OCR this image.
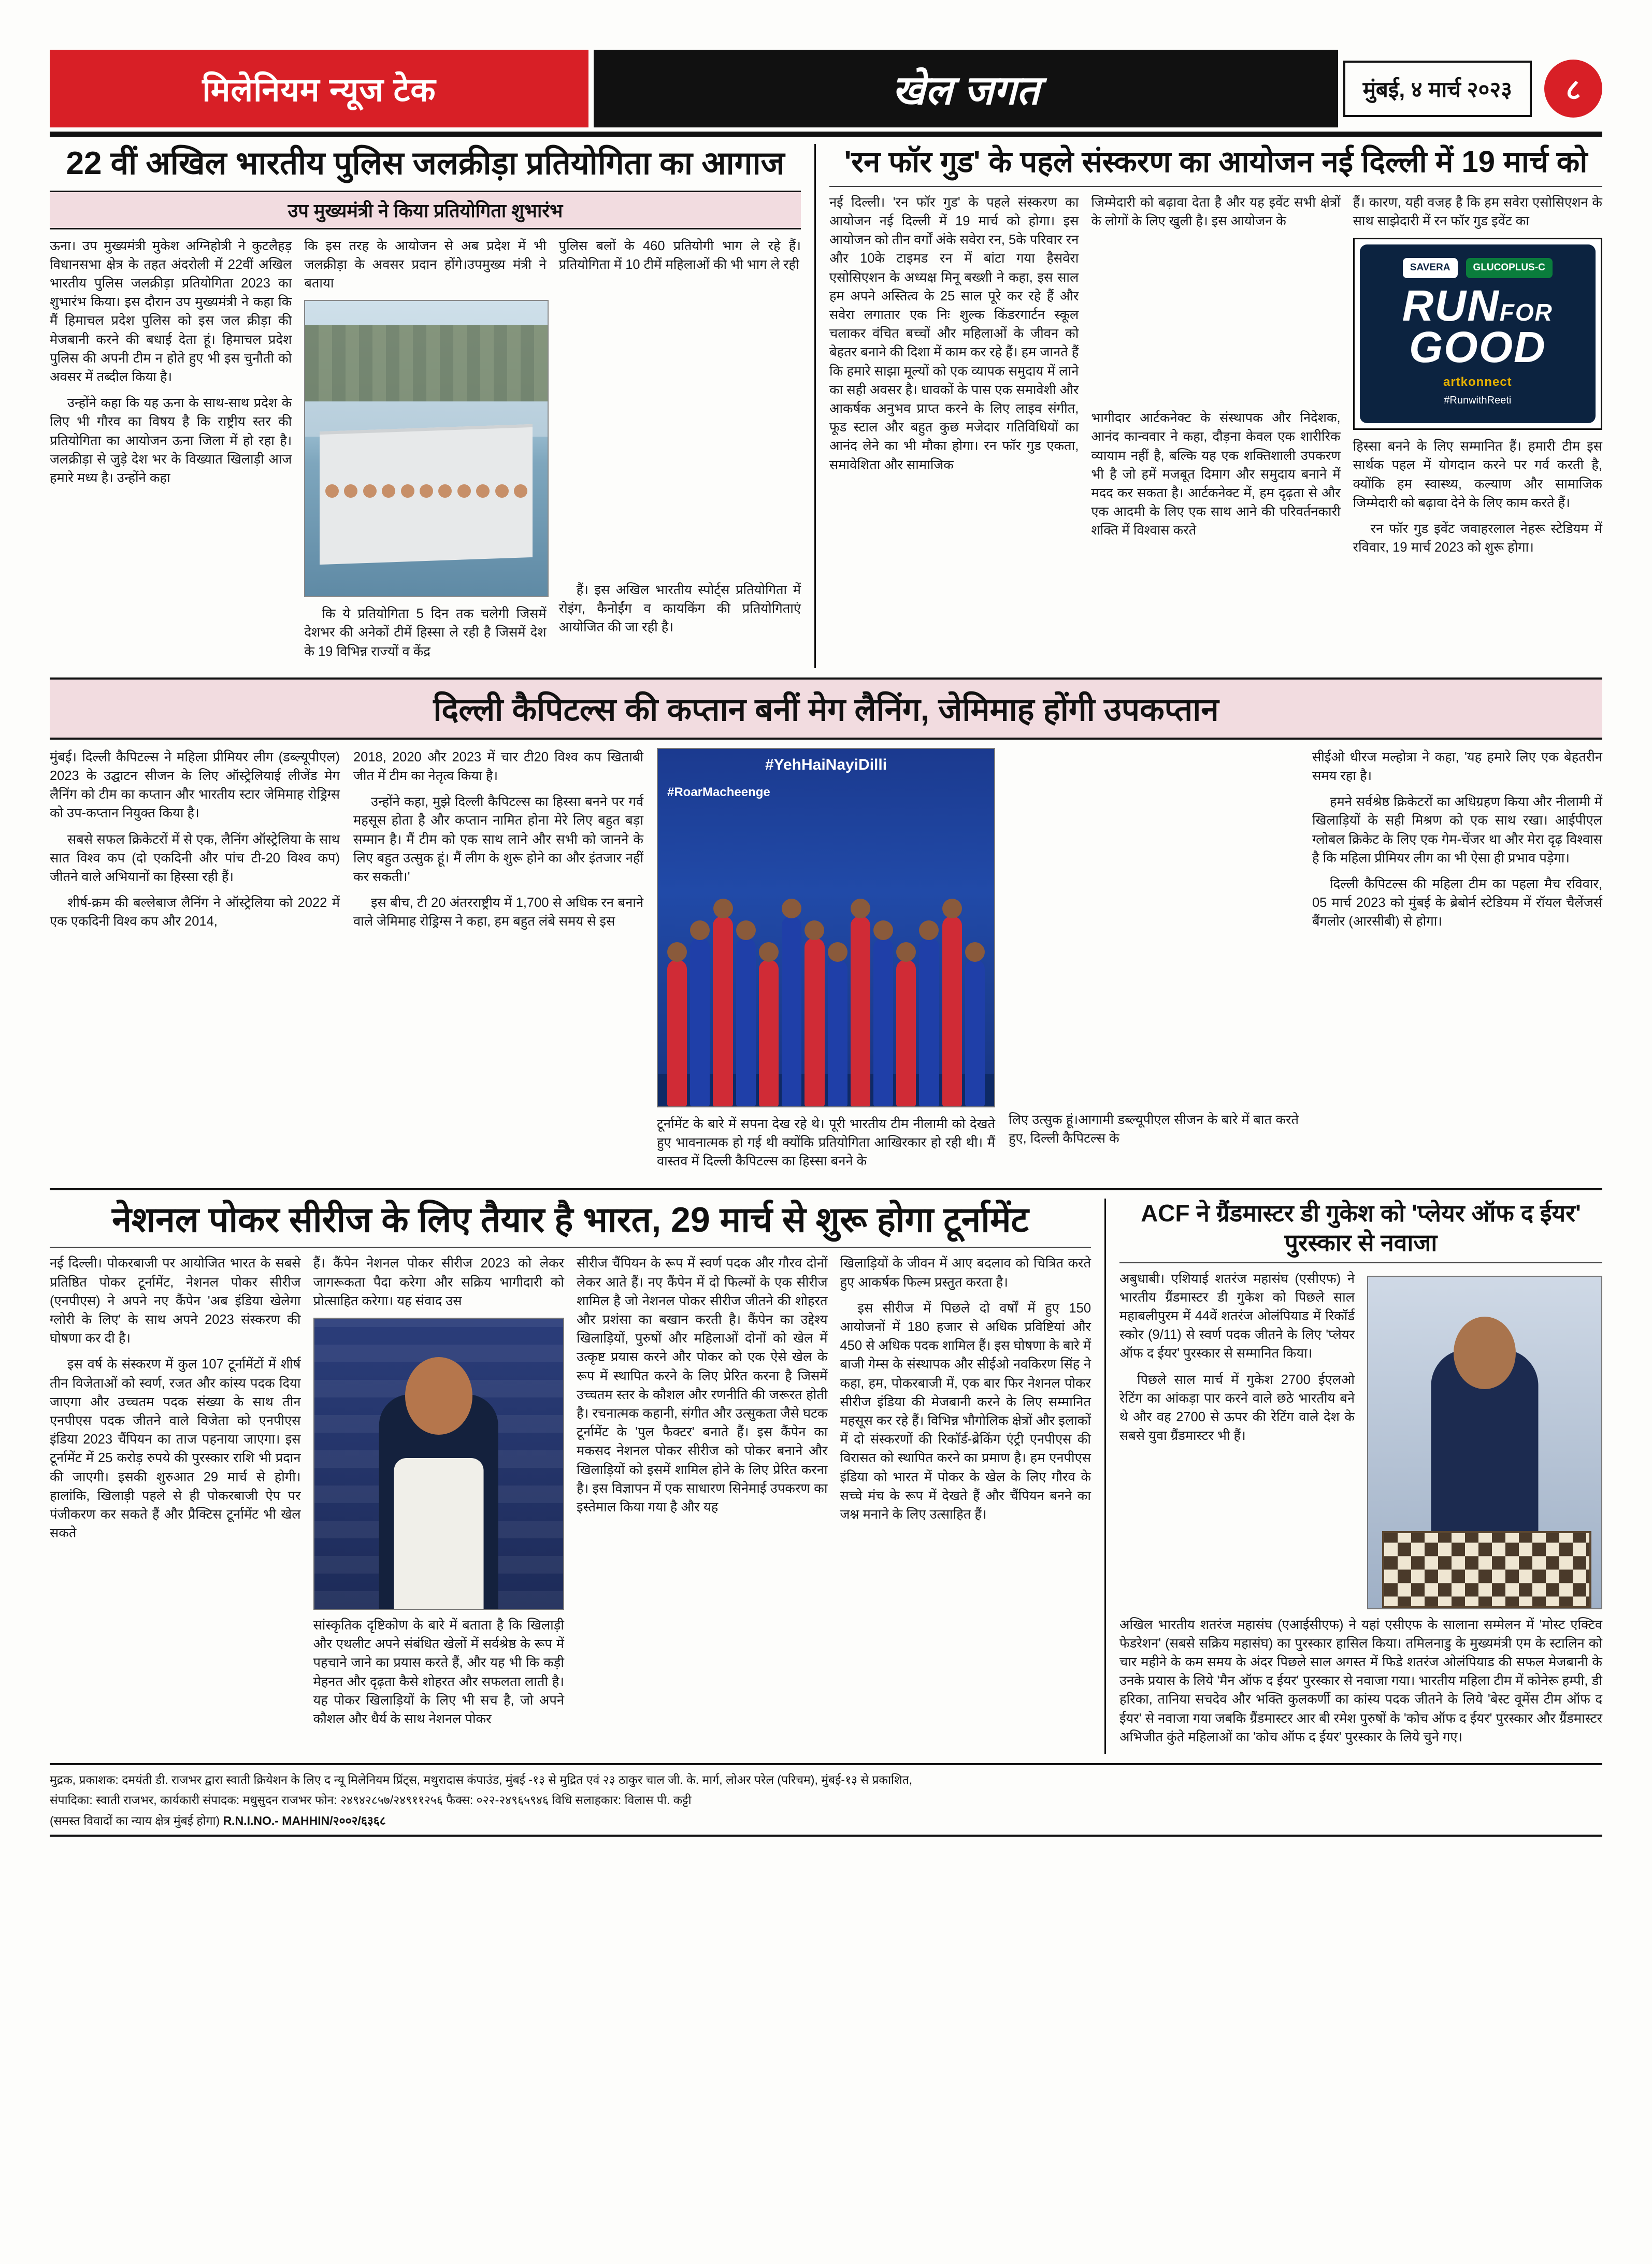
मिलेनियम न्यूज टेक	खेल जगत	मुंबई, ४ मार्च २०२३	८
22 वीं अखिल भारतीय पुलिस जलक्रीड़ा प्रतियोगिता का आगाज
उप मुख्यमंत्री ने किया प्रतियोगिता शुभारंभ

ऊना। उप मुख्यमंत्री मुकेश अग्निहोत्री ने कुटलैहड़ विधानसभा क्षेत्र के तहत अंदरोली में 22वीं अखिल भारतीय पुलिस जलक्रीड़ा प्रतियोगिता 2023 का शुभारंभ किया। इस दौरान उप मुख्यमंत्री ने कहा कि मैं हिमाचल प्रदेश पुलिस को इस जल क्रीड़ा की मेजबानी करने की बधाई देता हूं। हिमाचल प्रदेश पुलिस की अपनी टीम न होते हुए भी इस चुनौती को अवसर में तब्दील किया है।

उन्होंने कहा कि यह ऊना के साथ-साथ प्रदेश के लिए भी गौरव का विषय है कि राष्ट्रीय स्तर की प्रतियोगिता का आयोजन ऊना जिला में हो रहा है। जलक्रीड़ा से जुड़े देश भर के विख्यात खिलाड़ी आज हमारे मध्य है। उन्होंने कहा

कि इस तरह के आयोजन से अब प्रदेश में भी जलक्रीड़ा के अवसर प्रदान होंगे।उपमुख्य मंत्री ने बताया

कि ये प्रतियोगिता 5 दिन तक चलेगी जिसमें देशभर की अनेकों टीमें हिस्सा ले रही है जिसमें देश के 19 विभिन्न राज्यों व केंद्र

पुलिस बलों के 460 प्रतियोगी भाग ले रहे हैं। प्रतियोगिता में 10 टीमें महिलाओं की भी भाग ले रही

हैं। इस अखिल भारतीय स्पोर्ट्स प्रतियोगिता में रोइंग, कैनोईंग व कायकिंग की प्रतियोगिताएं आयोजित की जा रही है।

'रन फॉर गुड' के पहले संस्करण का आयोजन नई दिल्ली में 19 मार्च को

नई दिल्ली। 'रन फॉर गुड' के पहले संस्करण का आयोजन नई दिल्ली में 19 मार्च को होगा। इस आयोजन को तीन वर्गों अंके सवेरा रन, 5के परिवार रन और 10के टाइमड रन में बांटा गया हैसवेरा एसोसिएशन के अध्यक्ष मिनू बख्शी ने कहा, इस साल हम अपने अस्तित्व के 25 साल पूरे कर रहे हैं और सवेरा लगातार एक निः शुल्क किंडरगार्टन स्कूल चलाकर वंचित बच्चों और महिलाओं के जीवन को बेहतर बनाने की दिशा में काम कर रहे हैं। हम जानते हैं कि हमारे साझा मूल्यों को एक व्यापक समुदाय में लाने का सही अवसर है। धावकों के पास एक समावेशी और आकर्षक अनुभव प्राप्त करने के लिए लाइव संगीत, फूड स्टाल और बहुत कुछ मजेदार गतिविधियों का आनंद लेने का भी मौका होगा। रन फॉर गुड एकता, समावेशिता और सामाजिक

जिम्मेदारी को बढ़ावा देता है और यह इवेंट सभी क्षेत्रों के लोगों के लिए खुली है। इस आयोजन के

भागीदार आर्टकनेक्ट के संस्थापक और निदेशक, आनंद कान्ववार ने कहा, दौड़ना केवल एक शारीरिक व्यायाम नहीं है, बल्कि यह एक शक्तिशाली उपकरण भी है जो हमें मजबूत दिमाग और समुदाय बनाने में मदद कर सकता है। आर्टकनेक्ट में, हम दृढ़ता से और एक आदमी के लिए एक साथ आने की परिवर्तनकारी शक्ति में विश्वास करते

हैं। कारण, यही वजह है कि हम सवेरा एसोसिएशन के साथ साझेदारी में रन फॉर गुड इवेंट का

SAVERA	GLUCOPLUS-C
RUNFOR
GOOD
artkonnect
#RunwithReeti

हिस्सा बनने के लिए सम्मानित हैं। हमारी टीम इस सार्थक पहल में योगदान करने पर गर्व करती है, क्योंकि हम स्वास्थ्य, कल्याण और सामाजिक जिम्मेदारी को बढ़ावा देने के लिए काम करते हैं।

रन फॉर गुड इवेंट जवाहरलाल नेहरू स्टेडियम में रविवार, 19 मार्च 2023 को शुरू होगा।

दिल्ली कैपिटल्स की कप्तान बनीं मेग लैनिंग, जेमिमाह होंगी उपकप्तान

मुंबई। दिल्ली कैपिटल्स ने महिला प्रीमियर लीग (डब्ल्यूपीएल) 2023 के उद्घाटन सीजन के लिए ऑस्ट्रेलियाई लीजेंड मेग लैनिंग को टीम का कप्तान और भारतीय स्टार जेमिमाह रोड्रिग्स को उप-कप्तान नियुक्त किया है।

सबसे सफल क्रिकेटरों में से एक, लैनिंग ऑस्ट्रेलिया के साथ सात विश्व कप (दो एकदिनी और पांच टी-20 विश्व कप) जीतने वाले अभियानों का हिस्सा रही हैं।

शीर्ष-क्रम की बल्लेबाज लैनिंग ने ऑस्ट्रेलिया को 2022 में एक एकदिनी विश्व कप और 2014,

2018, 2020 और 2023 में चार टी20 विश्व कप खिताबी जीत में टीम का नेतृत्व किया है।

उन्होंने कहा, मुझे दिल्ली कैपिटल्स का हिस्सा बनने पर गर्व महसूस होता है और कप्तान नामित होना मेरे लिए बहुत बड़ा सम्मान है। मैं टीम को एक साथ लाने और सभी को जानने के लिए बहुत उत्सुक हूं। मैं लीग के शुरू होने का और इंतजार नहीं कर सकती।'

इस बीच, टी 20 अंतरराष्ट्रीय में 1,700 से अधिक रन बनाने वाले जेमिमाह रोड्रिग्स ने कहा, हम बहुत लंबे समय से इस

#YehHaiNayiDilli
#RoarMacheenge

टूर्नामेंट के बारे में सपना देख रहे थे। पूरी भारतीय टीम नीलामी को देखते हुए भावनात्मक हो गई थी क्योंकि प्रतियोगिता आखिरकार हो रही थी। मैं वास्तव में दिल्ली कैपिटल्स का हिस्सा बनने के

लिए उत्सुक हूं।आगामी डब्ल्यूपीएल सीजन के बारे में बात करते हुए, दिल्ली कैपिटल्स के

सीईओ धीरज मल्होत्रा ने कहा, 'यह हमारे लिए एक बेहतरीन समय रहा है।

हमने सर्वश्रेष्ठ क्रिकेटरों का अधिग्रहण किया और नीलामी में खिलाड़ियों के सही मिश्रण को एक साथ रखा। आईपीएल ग्लोबल क्रिकेट के लिए एक गेम-चेंजर था और मेरा दृढ़ विश्वास है कि महिला प्रीमियर लीग का भी ऐसा ही प्रभाव पड़ेगा।

दिल्ली कैपिटल्स की महिला टीम का पहला मैच रविवार, 05 मार्च 2023 को मुंबई के ब्रेबोर्न स्टेडियम में रॉयल चैलेंजर्स बैंगलोर (आरसीबी) से होगा।

नेशनल पोकर सीरीज के लिए तैयार है भारत, 29 मार्च से शुरू होगा टूर्नामेंट

नई दिल्ली। पोकरबाजी पर आयोजित भारत के सबसे प्रतिष्ठित पोकर टूर्नामेंट, नेशनल पोकर सीरीज (एनपीएस) ने अपने नए कैंपेन 'अब इंडिया खेलेगा ग्लोरी के लिए' के साथ अपने 2023 संस्करण की घोषणा कर दी है।

इस वर्ष के संस्करण में कुल 107 टूर्नामेंटों में शीर्ष तीन विजेताओं को स्वर्ण, रजत और कांस्य पदक दिया जाएगा और उच्चतम पदक संख्या के साथ तीन एनपीएस पदक जीतने वाले विजेता को एनपीएस इंडिया 2023 चैंपियन का ताज पहनाया जाएगा। इस टूर्नामेंट में 25 करोड़ रुपये की पुरस्कार राशि भी प्रदान की जाएगी। इसकी शुरुआत 29 मार्च से होगी। हालांकि, खिलाड़ी पहले से ही पोकरबाजी ऐप पर पंजीकरण कर सकते हैं और प्रैक्टिस टूर्नामेंट भी खेल सकते

हैं। कैंपेन नेशनल पोकर सीरीज 2023 को लेकर जागरूकता पैदा करेगा और सक्रिय भागीदारी को प्रोत्साहित करेगा। यह संवाद उस

सांस्कृतिक दृष्टिकोण के बारे में बताता है कि खिलाड़ी और एथलीट अपने संबंधित खेलों में सर्वश्रेष्ठ के रूप में पहचाने जाने का प्रयास करते हैं, और यह भी कि कड़ी मेहनत और दृढ़ता कैसे शोहरत और सफलता लाती है। यह पोकर खिलाड़ियों के लिए भी सच है, जो अपने कौशल और धैर्य के साथ नेशनल पोकर

सीरीज चैंपियन के रूप में स्वर्ण पदक और गौरव दोनों लेकर आते हैं। नए कैंपेन में दो फिल्मों के एक सीरीज शामिल है जो नेशनल पोकर सीरीज जीतने की शोहरत और प्रशंसा का बखान करती है। कैंपेन का उद्देश्य खिलाड़ियों, पुरुषों और महिलाओं दोनों को खेल में उत्कृष्ट प्रयास करने और पोकर को एक ऐसे खेल के रूप में स्थापित करने के लिए प्रेरित करना है जिसमें उच्चतम स्तर के कौशल और रणनीति की जरूरत होती है। रचनात्मक कहानी, संगीत और उत्सुकता जैसे घटक टूर्नामेंट के 'पुल फैक्टर' बनाते हैं। इस कैंपेन का मकसद नेशनल पोकर सीरीज को पोकर बनाने और खिलाड़ियों को इसमें शामिल होने के लिए प्रेरित करना है। इस विज्ञापन में एक साधारण सिनेमाई उपकरण का इस्तेमाल किया गया है और यह

खिलाड़ियों के जीवन में आए बदलाव को चित्रित करते हुए आकर्षक फिल्म प्रस्तुत करता है।

इस सीरीज में पिछले दो वर्षों में हुए 150 आयोजनों में 180 हजार से अधिक प्रविष्टियां और 450 से अधिक पदक शामिल हैं। इस घोषणा के बारे में बाजी गेम्स के संस्थापक और सीईओ नवकिरण सिंह ने कहा, हम, पोकरबाजी में, एक बार फिर नेशनल पोकर सीरीज इंडिया की मेजबानी करने के लिए सम्मानित महसूस कर रहे हैं। विभिन्न भौगोलिक क्षेत्रों और इलाकों में दो संस्करणों की रिकॉर्ड-ब्रेकिंग एंट्री एनपीएस की विरासत को स्थापित करने का प्रमाण है। हम एनपीएस इंडिया को भारत में पोकर के खेल के लिए गौरव के सच्चे मंच के रूप में देखते हैं और चैंपियन बनने का जश्न मनाने के लिए उत्साहित हैं।

ACF ने ग्रैंडमास्टर डी गुकेश को 'प्लेयर ऑफ द ईयर' पुरस्कार से नवाजा

अबुधाबी। एशियाई शतरंज महासंघ (एसीएफ) ने भारतीय ग्रैंडमास्टर डी गुकेश को पिछले साल महाबलीपुरम में 44वें शतरंज ओलंपियाड में रिकॉर्ड स्कोर (9/11) से स्वर्ण पदक जीतने के लिए 'प्लेयर ऑफ द ईयर' पुरस्कार से सम्मानित किया।

पिछले साल मार्च में गुकेश 2700 ईएलओ रेटिंग का आंकड़ा पार करने वाले छठे भारतीय बने थे और वह 2700 से ऊपर की रेटिंग वाले देश के सबसे युवा ग्रैंडमास्टर भी हैं।

अखिल भारतीय शतरंज महासंघ (एआईसीएफ) ने यहां एसीएफ के सालाना सम्मेलन में 'मोस्ट एक्टिव फेडरेशन' (सबसे सक्रिय महासंघ) का पुरस्कार हासिल किया। तमिलनाडु के मुख्यमंत्री एम के स्टालिन को चार महीने के कम समय के अंदर पिछले साल अगस्त में फिडे शतरंज ओलंपियाड की सफल मेजबानी के उनके प्रयास के लिये 'मैन ऑफ द ईयर' पुरस्कार से नवाजा गया। भारतीय महिला टीम में कोनेरू हम्पी, डी हरिका, तानिया सचदेव और भक्ति कुलकर्णी का कांस्य पदक जीतने के लिये 'बेस्ट वूमेंस टीम ऑफ द ईयर' से नवाजा गया जबकि ग्रैंडमास्टर आर बी रमेश पुरुषों के 'कोच ऑफ द ईयर' पुरस्कार और ग्रैंडमास्टर अभिजीत कुंते महिलाओं का 'कोच ऑफ द ईयर' पुरस्कार के लिये चुने गए।

मुद्रक, प्रकाशक: दमयंती डी. राजभर द्वारा स्वाती क्रियेशन के लिए द न्यू मिलेनियम प्रिंट्स, मथुरादास कंपाउंड, मुंबई -१३ से मुद्रित एवं २३ ठाकुर चाल जी. के. मार्ग, लोअर परेल (परिचम), मुंबई-१३ से प्रकाशित,

संपादिका: स्वाती राजभर, कार्यकारी संपादक: मधुसुदन राजभर फोन: २४९४२८५७/२४९११२५६ फैक्स: ०२२-२४९६५९४६ विधि सलाहकार: विलास पी. कट्टी

(समस्त विवादों का न्याय क्षेत्र मुंबई होगा) R.N.I.NO.- MAHHIN/२००२/६३६८
